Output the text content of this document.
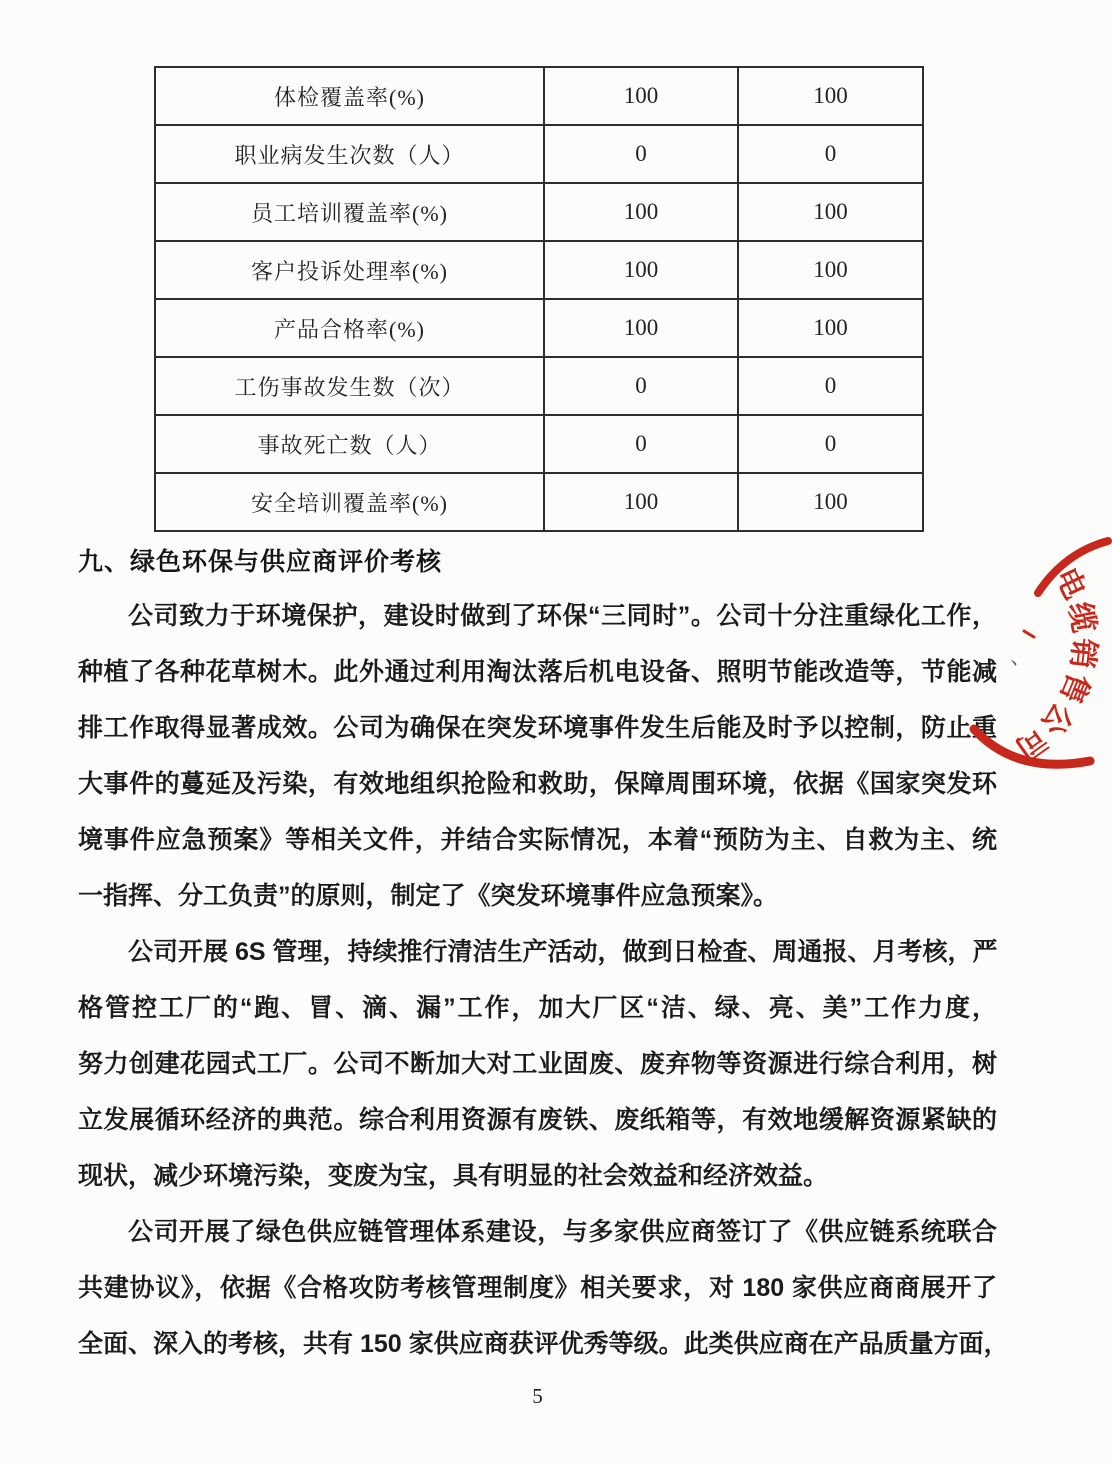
体检覆盖率(%)	100	100
职业病发生次数（人）	0	0
员工培训覆盖率(%)	100	100
客户投诉处理率(%)	100	100
产品合格率(%)	100	100
工伤事故发生数（次）	0	0
事故死亡数（人）	0	0
安全培训覆盖率(%)	100	100
九、绿色环保与供应商评价考核
公司致力于环境保护，建设时做到了环保“三同时”。公司十分注重绿化工作，
种植了各种花草树木。此外通过利用淘汰落后机电设备、照明节能改造等，节能减
排工作取得显著成效。公司为确保在突发环境事件发生后能及时予以控制，防止重
大事件的蔓延及污染，有效地组织抢险和救助，保障周围环境，依据《国家突发环
境事件应急预案》等相关文件，并结合实际情况，本着“预防为主、自救为主、统
一指挥、分工负责”的原则，制定了《突发环境事件应急预案》。
公司开展 6S 管理，持续推行清洁生产活动，做到日检查、周通报、月考核，严
格管控工厂的“跑、冒、滴、漏”工作，加大厂区“洁、绿、亮、美”工作力度，
努力创建花园式工厂。公司不断加大对工业固废、废弃物等资源进行综合利用，树
立发展循环经济的典范。综合利用资源有废铁、废纸箱等，有效地缓解资源紧缺的
现状，减少环境污染，变废为宝，具有明显的社会效益和经济效益。
公司开展了绿色供应链管理体系建设，与多家供应商签订了《供应链系统联合
共建协议》，依据《合格攻防考核管理制度》相关要求，对 180 家供应商商展开了
全面、深入的考核，共有 150 家供应商获评优秀等级。此类供应商在产品质量方面，
电缆销售公司
、
5
